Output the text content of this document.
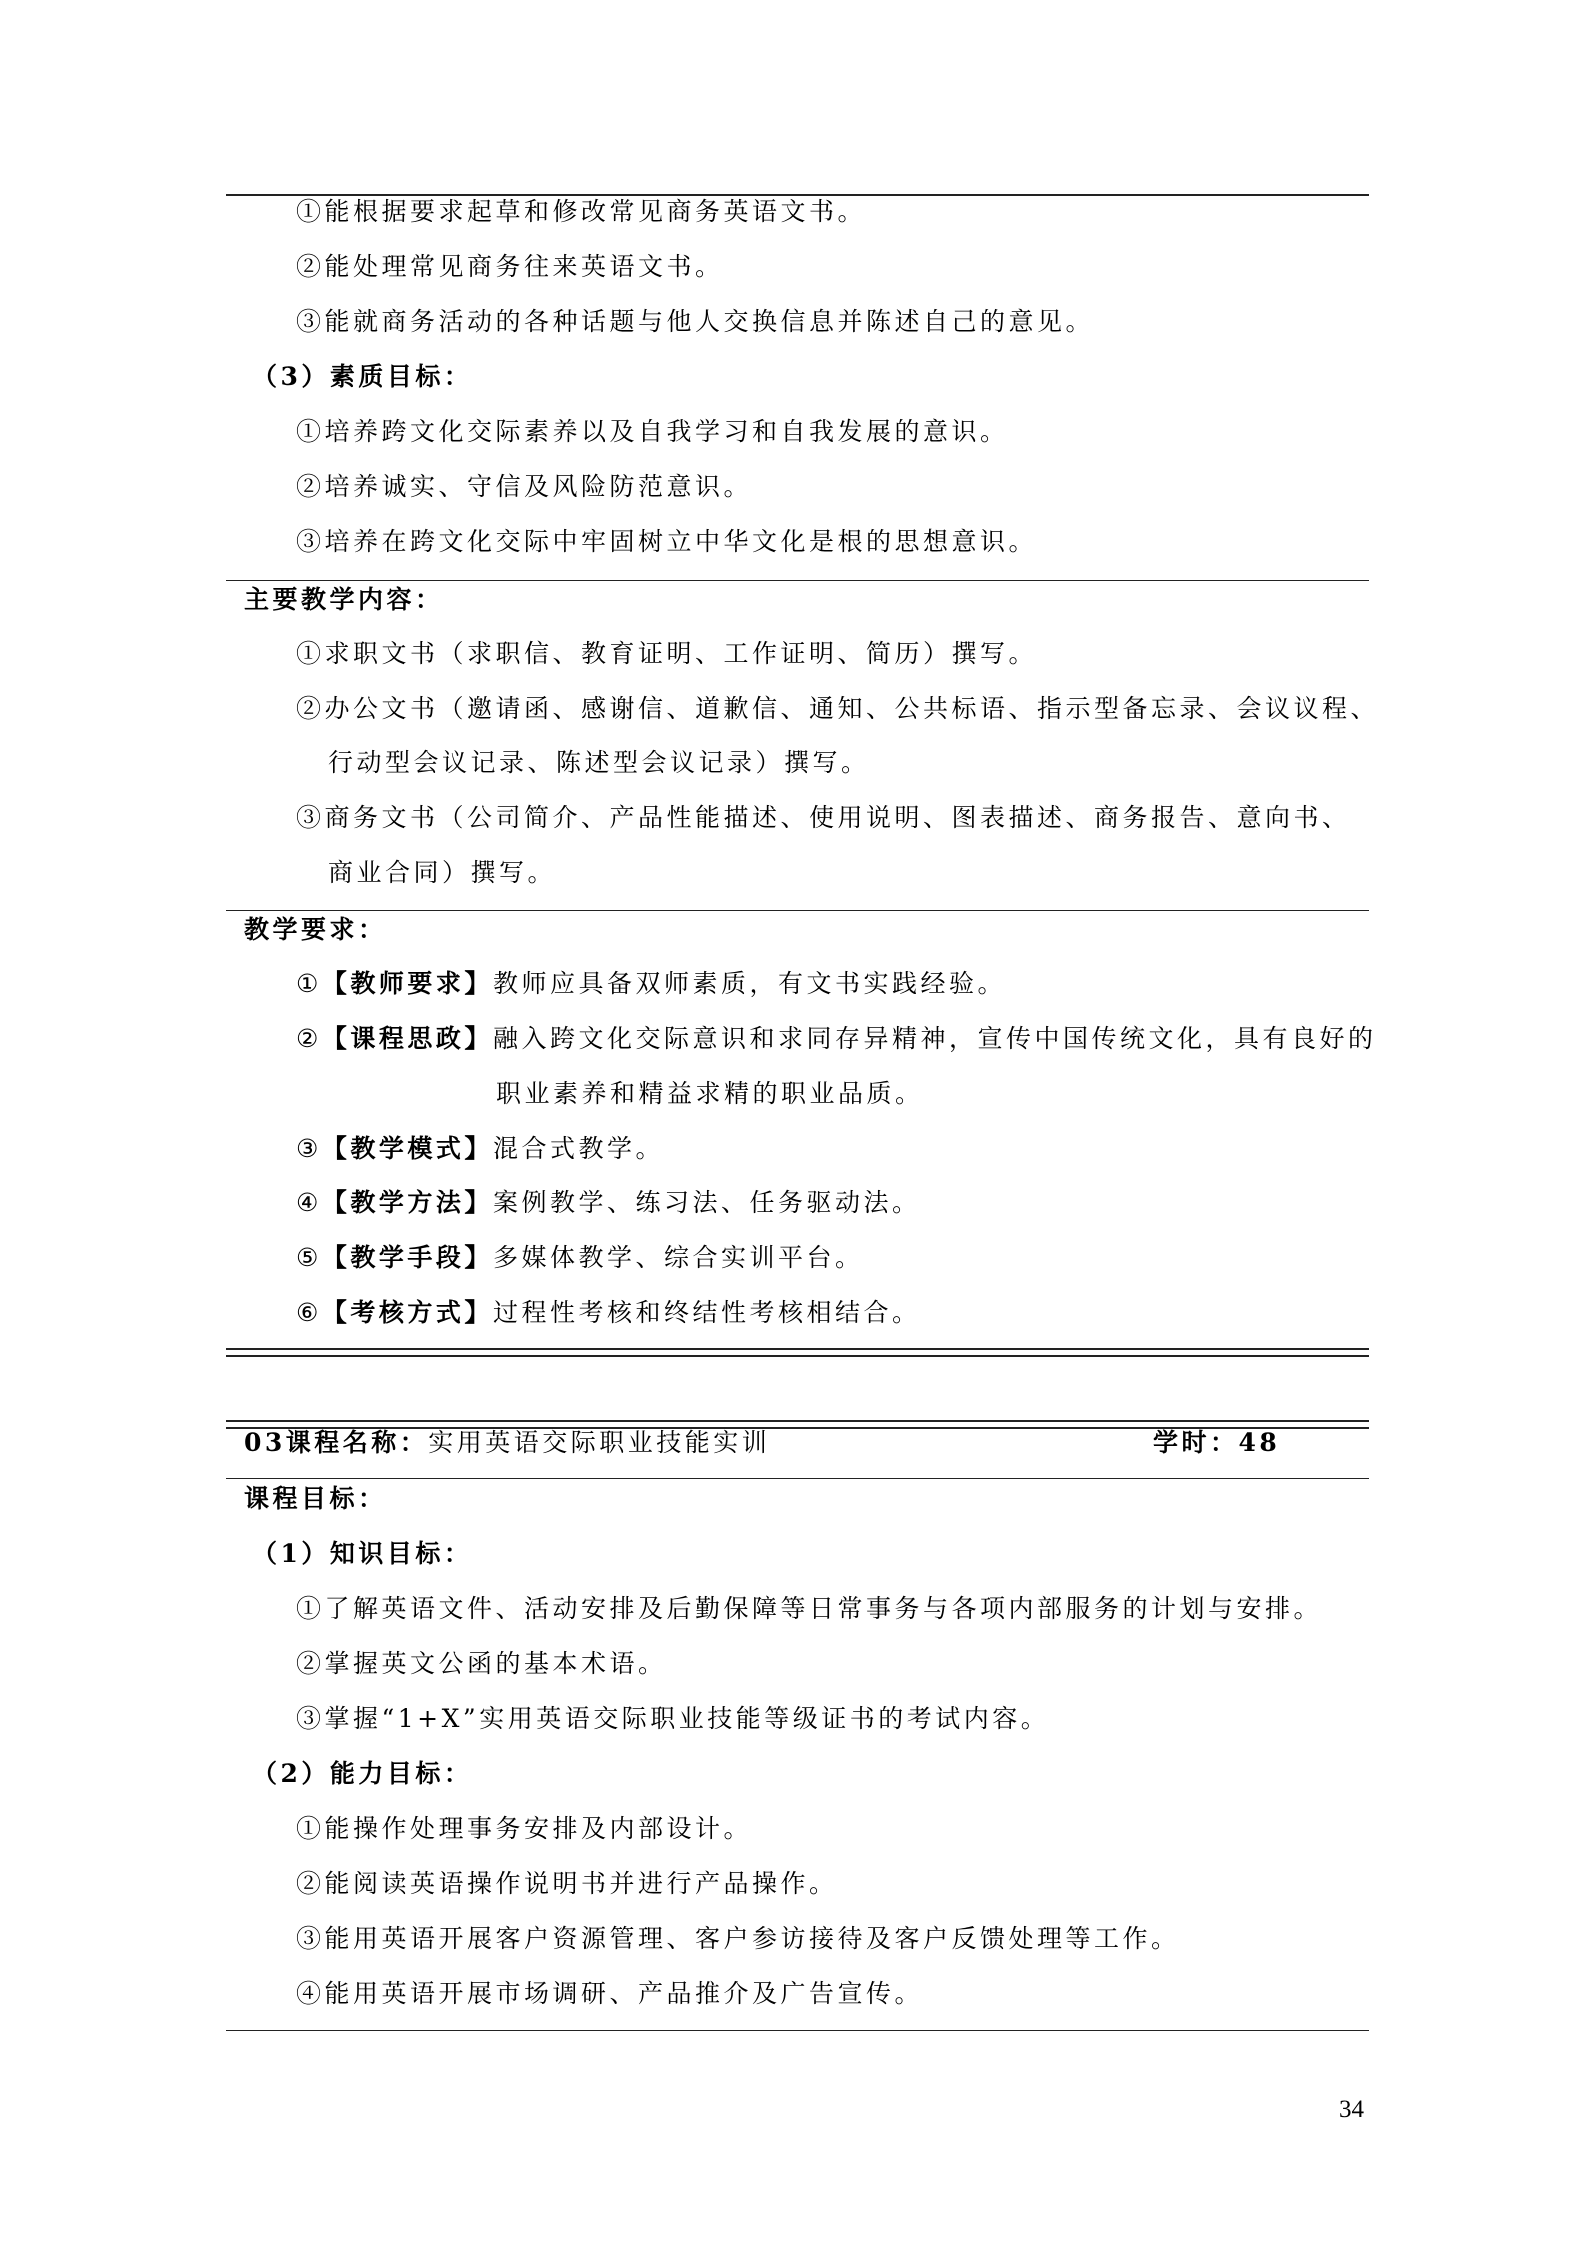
①能根据要求起草和修改常见商务英语文书。
②能处理常见商务往来英语文书。
③能就商务活动的各种话题与他人交换信息并陈述自己的意见。
（3）素质目标：
①培养跨文化交际素养以及自我学习和自我发展的意识。
②培养诚实、守信及风险防范意识。
③培养在跨文化交际中牢固树立中华文化是根的思想意识。
主要教学内容：
①求职文书（求职信、教育证明、工作证明、简历）撰写。
②办公文书（邀请函、感谢信、道歉信、通知、公共标语、指示型备忘录、会议议程、
行动型会议记录、陈述型会议记录）撰写。
③商务文书（公司简介、产品性能描述、使用说明、图表描述、商务报告、意向书、
商业合同）撰写。
教学要求：
①【教师要求】教师应具备双师素质，有文书实践经验。
②【课程思政】融入跨文化交际意识和求同存异精神，宣传中国传统文化，具有良好的
职业素养和精益求精的职业品质。
③【教学模式】混合式教学。
④【教学方法】案例教学、练习法、任务驱动法。
⑤【教学手段】多媒体教学、综合实训平台。
⑥【考核方式】过程性考核和终结性考核相结合。
03课程名称：实用英语交际职业技能实训	学时：48
课程目标：
（1）知识目标：
①了解英语文件、活动安排及后勤保障等日常事务与各项内部服务的计划与安排。
②掌握英文公函的基本术语。
③掌握“1+X”实用英语交际职业技能等级证书的考试内容。
（2）能力目标：
①能操作处理事务安排及内部设计。
②能阅读英语操作说明书并进行产品操作。
③能用英语开展客户资源管理、客户参访接待及客户反馈处理等工作。
④能用英语开展市场调研、产品推介及广告宣传。
34
